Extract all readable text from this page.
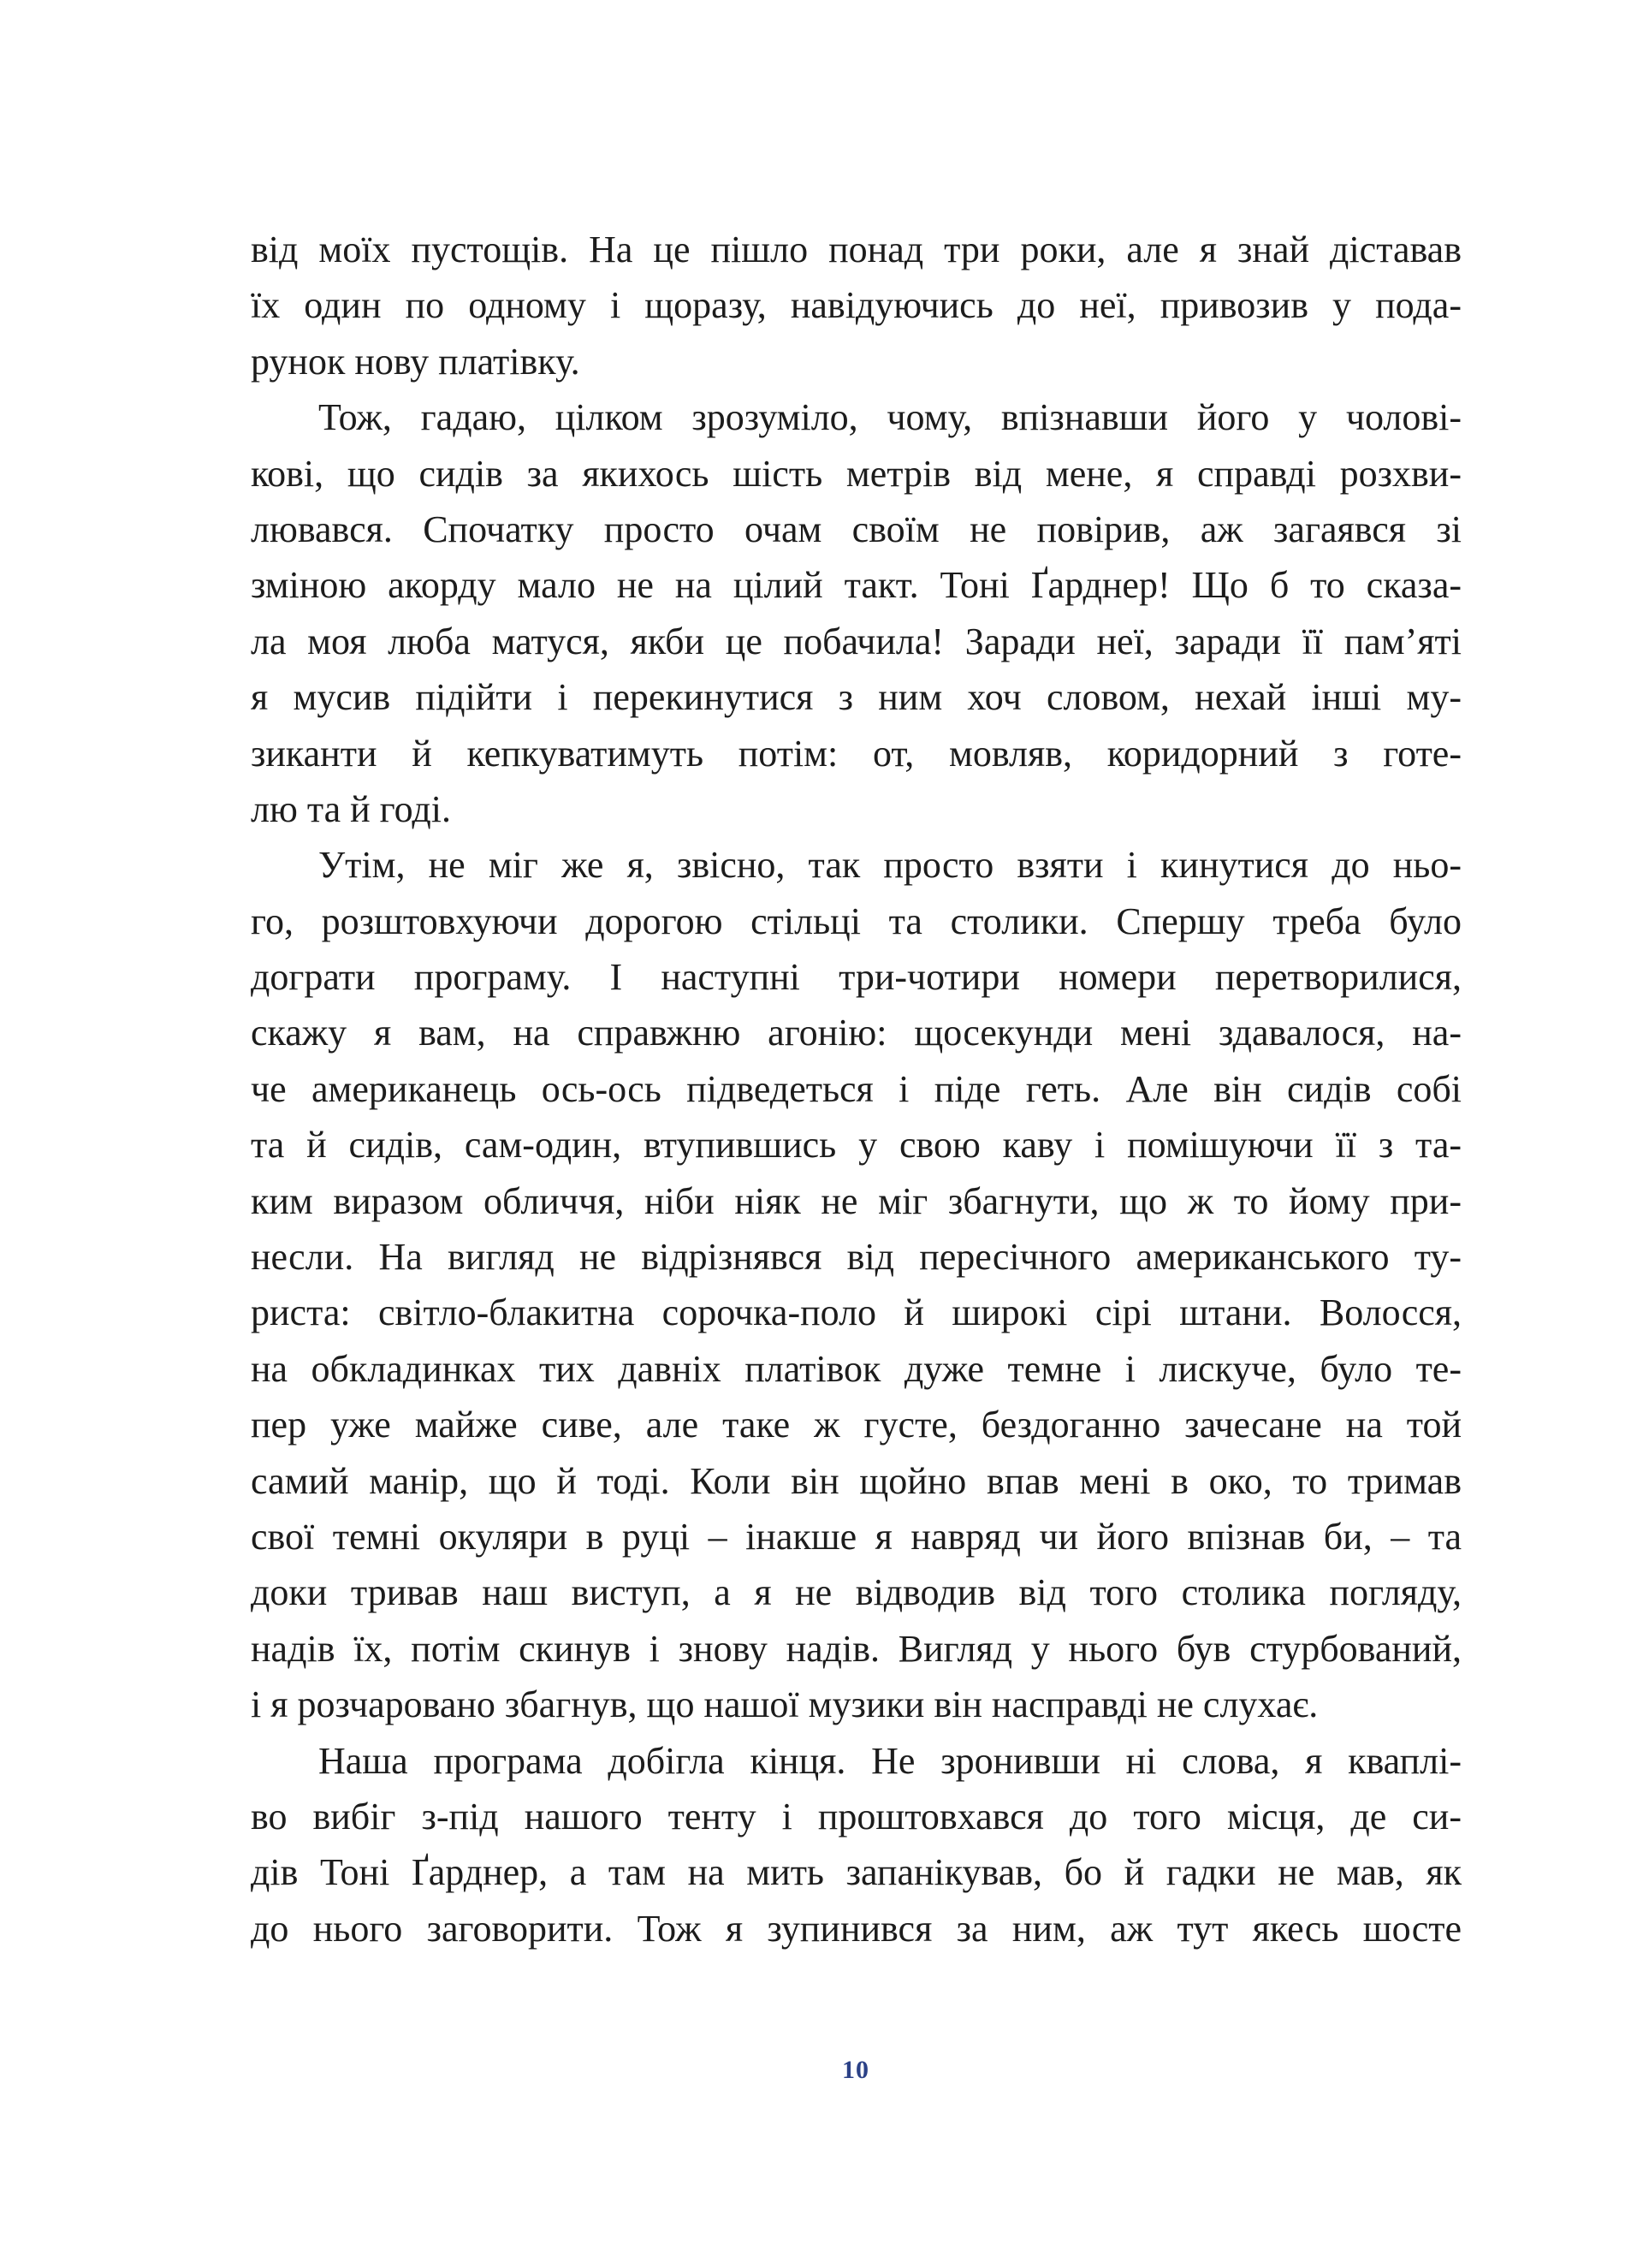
від моїх пустощів. На це пішло понад три роки, але я знай діставав
їх один по одному і щоразу, навідуючись до неї, привозив у пода-
рунок нову платівку.
Тож, гадаю, цілком зрозуміло, чому, впізнавши його у чолові-
кові, що сидів за якихось шість метрів від мене, я справді розхви-
лювався. Спочатку просто очам своїм не повірив, аж загаявся зі
зміною акорду мало не на цілий такт. Тоні Ґарднер! Що б то сказа-
ла моя люба матуся, якби це побачила! Заради неї, заради її пам’яті
я мусив підійти і перекинутися з ним хоч словом, нехай інші му-
зиканти й кепкуватимуть потім: от, мовляв, коридорний з готе-
лю та й годі.
Утім, не міг же я, звісно, так просто взяти і кинутися до ньо-
го, розштовхуючи дорогою стільці та столики. Спершу треба було
дограти програму. І наступні три-чотири номери перетворилися,
скажу я вам, на справжню агонію: щосекунди мені здавалося, на-
че американець ось-ось підведеться і піде геть. Але він сидів собі
та й сидів, сам-один, втупившись у свою каву і помішуючи її з та-
ким виразом обличчя, ніби ніяк не міг збагнути, що ж то йому при-
несли. На вигляд не відрізнявся від пересічного американського ту-
риста: світло-блакитна сорочка-поло й широкі сірі штани. Волосся,
на обкладинках тих давніх платівок дуже темне і лискуче, було те-
пер уже майже сиве, але таке ж густе, бездоганно зачесане на той
самий манір, що й тоді. Коли він щойно впав мені в око, то тримав
свої темні окуляри в руці – інакше я навряд чи його впізнав би, – та
доки тривав наш виступ, а я не відводив від того столика погляду,
надів їх, потім скинув і знову надів. Вигляд у нього був стурбований,
і я розчаровано збагнув, що нашої музики він насправді не слухає.
Наша програма добігла кінця. Не зронивши ні слова, я кваплі-
во вибіг з-під нашого тенту і проштовхався до того місця, де си-
дів Тоні Ґарднер, а там на мить запанікував, бо й гадки не мав, як
до нього заговорити. Тож я зупинився за ним, аж тут якесь шосте
10
